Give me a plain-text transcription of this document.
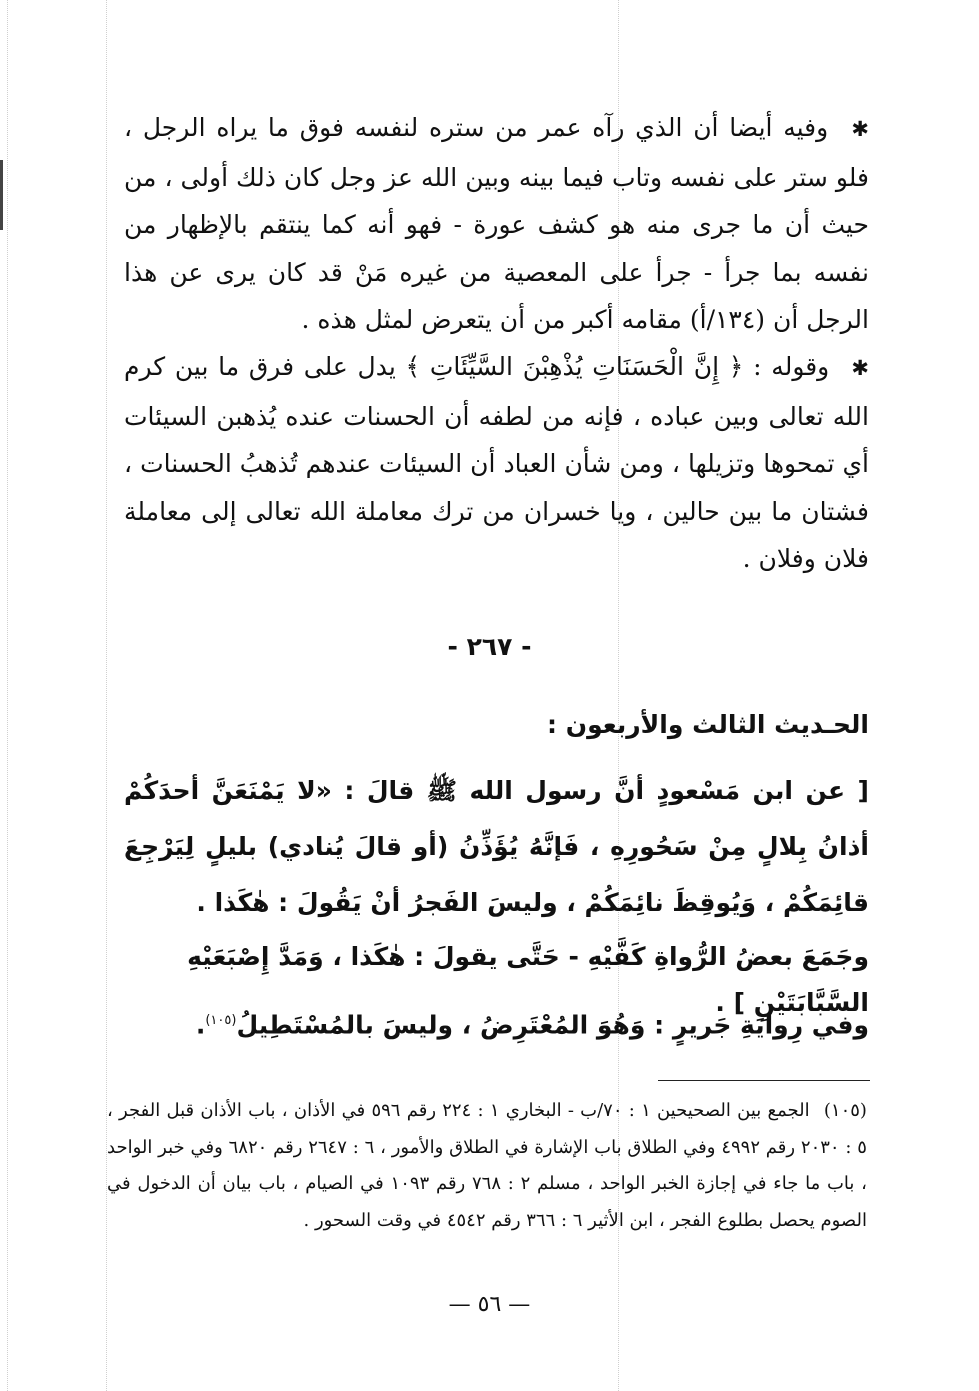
✱ وفيه أيضا أن الذي رآه عمر من ستره لنفسه فوق ما يراه الرجل ، فلو ستر على نفسه وتاب فيما بينه وبين الله عز وجل كان ذلك أولى ، من حيث أن ما جرى منه هو كشف عورة - فهو أنه كما ينتقم بالإظهار من نفسه بما جرأ - جرأ على المعصية من غيره مَنْ قد كان يرى عن هذا الرجل أن (١٣٤/أ) مقامه أكبر من أن يتعرض لمثل هذه .
✱ وقوله : ﴿ إِنَّ الْحَسَنَاتِ يُذْهِبْنَ السَّيِّئَاتِ ﴾ يدل على فرق ما بين كرم الله تعالى وبين عباده ، فإنه من لطفه أن الحسنات عنده يُذهبن السيئات أي تمحوها وتزيلها ، ومن شأن العباد أن السيئات عندهم تُذهبُ الحسنات ، فشتان ما بين حالين ، ويا خسران من ترك معاملة الله تعالى إلى معاملة فلان وفلان .
- ٢٦٧ -
الحـديث الثالث والأربعون :
[ عن ابن مَسْعودٍ أنَّ رسول الله ﷺ قالَ : «لا يَمْنَعَنَّ أحدَكُمْ أذانُ بِلالٍ مِنْ سَحُورِهِ ، فَإنَّهُ يُؤَذِّنُ (أو قالَ يُنادي) بليلٍ لِيَرْجِعَ قائِمَكُمْ ، وَيُوقِظَ نائِمَكُمْ ، وليسَ الفَجرُ أنْ يَقُولَ : هٰكَذا .
وجَمَعَ بعضُ الرُّواةِ كَفَّيْهِ - حَتَّى يقولَ : هٰكَذا ، وَمَدَّ إِصْبَعَيْهِ السَّبَّابَتَيْنِ ] .
وفي رِوايَةِ جَريرٍ : وَهُوَ المُعْتَرِضُ ، وليسَ بالمُسْتَطِيلُ$^{(١٠٥)}$.
(١٠٥) الجمع بين الصحيحين ١ : ٧٠/ب - البخاري ١ : ٢٢٤ رقم ٥٩٦ في الأذان ، باب الأذان قبل الفجر ، ٥ : ٢٠٣٠ رقم ٤٩٩٢ وفي الطلاق باب الإشارة في الطلاق والأمور ، ٦ : ٢٦٤٧ رقم ٦٨٢٠ وفي خبر الواحد ، باب ما جاء في إجازة الخبر الواحد ، مسلم ٢ : ٧٦٨ رقم ١٠٩٣ في الصيام ، باب بيان أن الدخول في الصوم يحصل بطلوع الفجر ، ابن الأثير ٦ : ٣٦٦ رقم ٤٥٤٢ في وقت السحور .
— ٥٦ —
